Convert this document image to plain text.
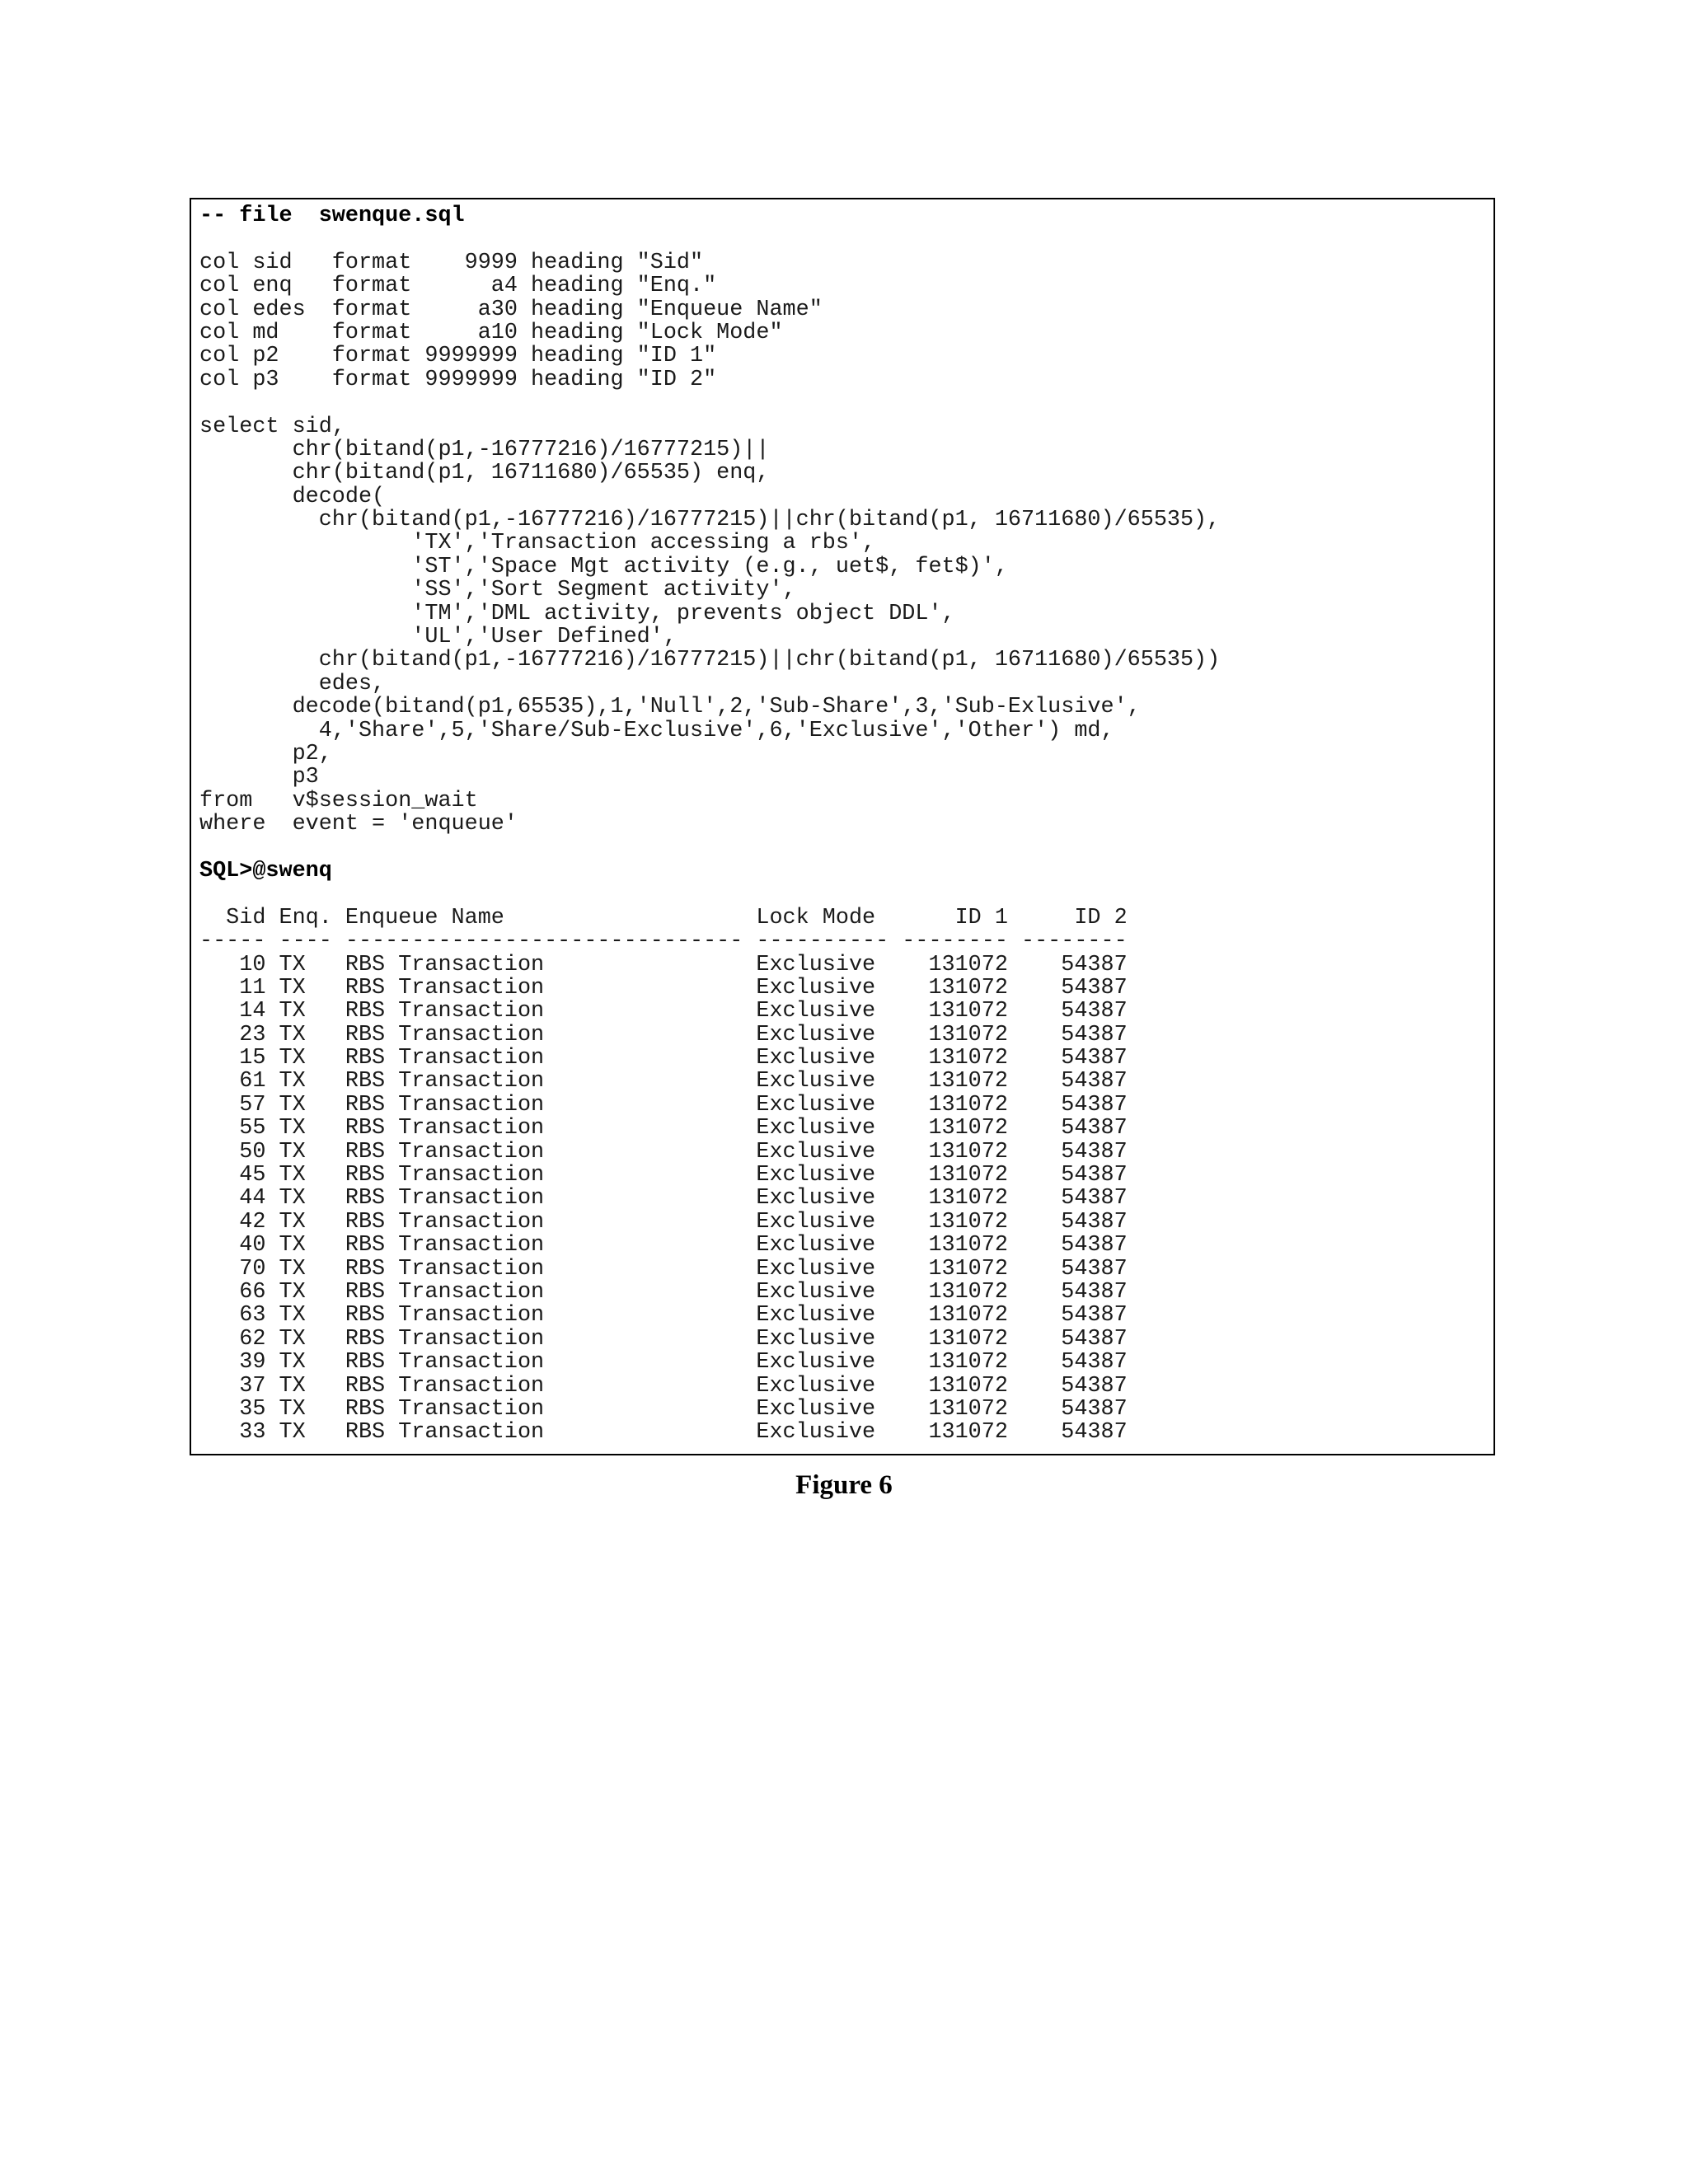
-- file  swenque.sql
col sid   format    9999 heading "Sid"
col enq   format      a4 heading "Enq."
col edes  format     a30 heading "Enqueue Name"
col md    format     a10 heading "Lock Mode"
col p2    format 9999999 heading "ID 1"
col p3    format 9999999 heading "ID 2"
select sid,
chr(bitand(p1,-16777216)/16777215)||
chr(bitand(p1, 16711680)/65535) enq,
decode(
chr(bitand(p1,-16777216)/16777215)||chr(bitand(p1, 16711680)/65535),
'TX','Transaction accessing a rbs',
'ST','Space Mgt activity (e.g., uet$, fet$)',
'SS','Sort Segment activity',
'TM','DML activity, prevents object DDL',
'UL','User Defined',
chr(bitand(p1,-16777216)/16777215)||chr(bitand(p1, 16711680)/65535))
edes,
decode(bitand(p1,65535),1,'Null',2,'Sub-Share',3,'Sub-Exlusive',
4,'Share',5,'Share/Sub-Exclusive',6,'Exclusive','Other') md,
p2,
p3
from   v$session_wait
where  event = 'enqueue'
SQL>@swenq
Sid Enq. Enqueue Name                   Lock Mode      ID 1     ID 2
----- ---- ------------------------------ ---------- -------- --------
10 TX   RBS Transaction                Exclusive    131072    54387
11 TX   RBS Transaction                Exclusive    131072    54387
14 TX   RBS Transaction                Exclusive    131072    54387
23 TX   RBS Transaction                Exclusive    131072    54387
15 TX   RBS Transaction                Exclusive    131072    54387
61 TX   RBS Transaction                Exclusive    131072    54387
57 TX   RBS Transaction                Exclusive    131072    54387
55 TX   RBS Transaction                Exclusive    131072    54387
50 TX   RBS Transaction                Exclusive    131072    54387
45 TX   RBS Transaction                Exclusive    131072    54387
44 TX   RBS Transaction                Exclusive    131072    54387
42 TX   RBS Transaction                Exclusive    131072    54387
40 TX   RBS Transaction                Exclusive    131072    54387
70 TX   RBS Transaction                Exclusive    131072    54387
66 TX   RBS Transaction                Exclusive    131072    54387
63 TX   RBS Transaction                Exclusive    131072    54387
62 TX   RBS Transaction                Exclusive    131072    54387
39 TX   RBS Transaction                Exclusive    131072    54387
37 TX   RBS Transaction                Exclusive    131072    54387
35 TX   RBS Transaction                Exclusive    131072    54387
33 TX   RBS Transaction                Exclusive    131072    54387
Figure 6
